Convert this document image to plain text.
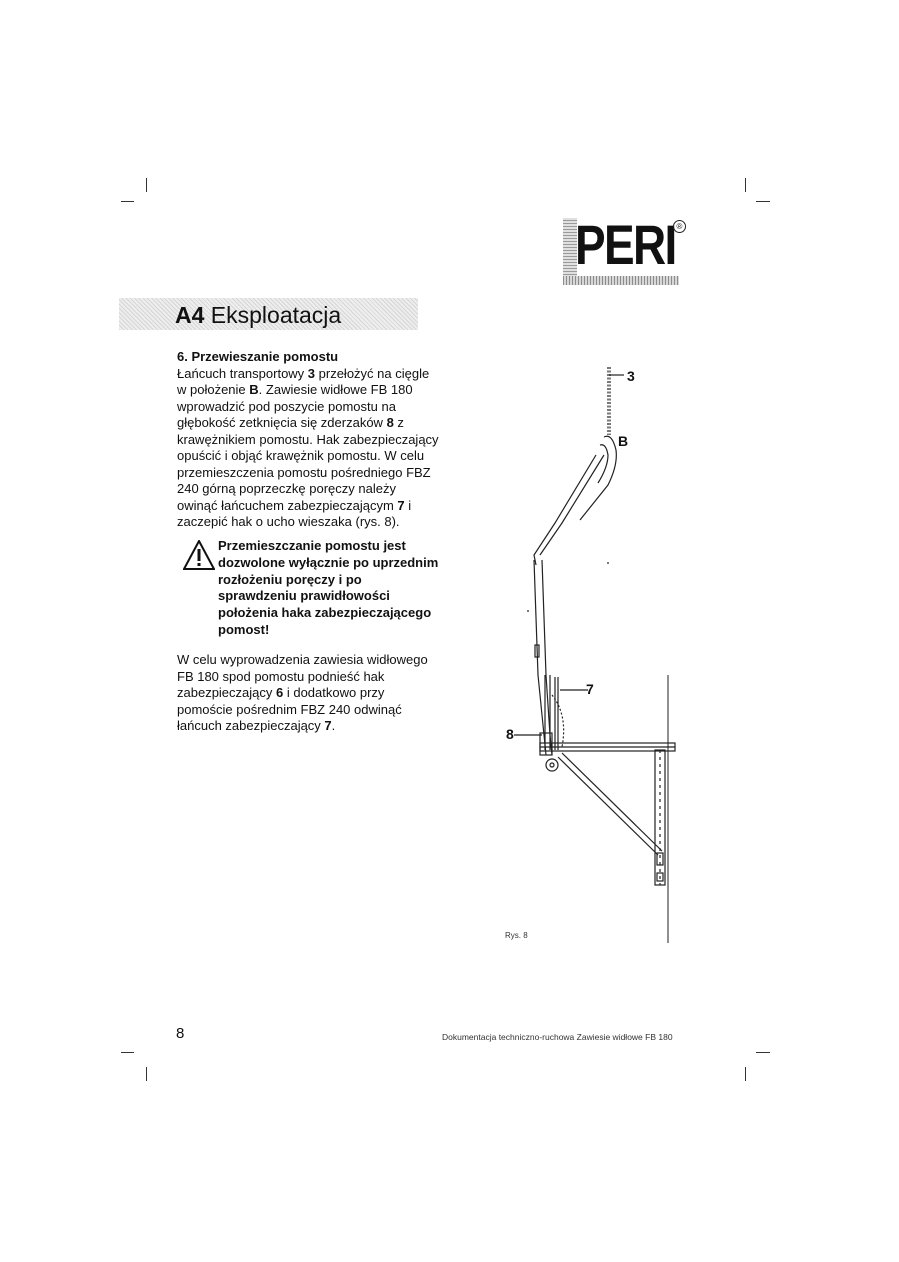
PERI ®
A4 Eksploatacja

6. Przewieszanie pomostu

Łańcuch transportowy 3 przełożyć na cięgle w położenie B. Zawiesie widłowe FB 180 wprowadzić pod poszycie pomostu na głębokość zetknięcia się zderzaków 8 z krawężnikiem pomostu. Hak zabezpieczający opuścić i objąć krawężnik pomostu. W celu przemieszczenia pomostu pośredniego FBZ 240 górną poprzeczkę poręczy należy owinąć łańcuchem zabezpieczającym 7 i zaczepić hak o ucho wieszaka (rys. 8).

Przemieszczanie pomostu jest dozwolone wyłącznie po uprzednim rozłożeniu poręczy i po sprawdzeniu prawidłowości położenia haka zabezpieczającego pomost!

W celu wyprowadzenia zawiesia widłowego FB 180 spod pomostu podnieść hak zabezpieczający 6 i dodatkowo przy pomoście pośrednim FBZ 240 odwinąć łańcuch zabezpieczający 7.

3
B
7
8
Rys. 8
8	Dokumentacja techniczno-ruchowa Zawiesie widłowe FB 180
